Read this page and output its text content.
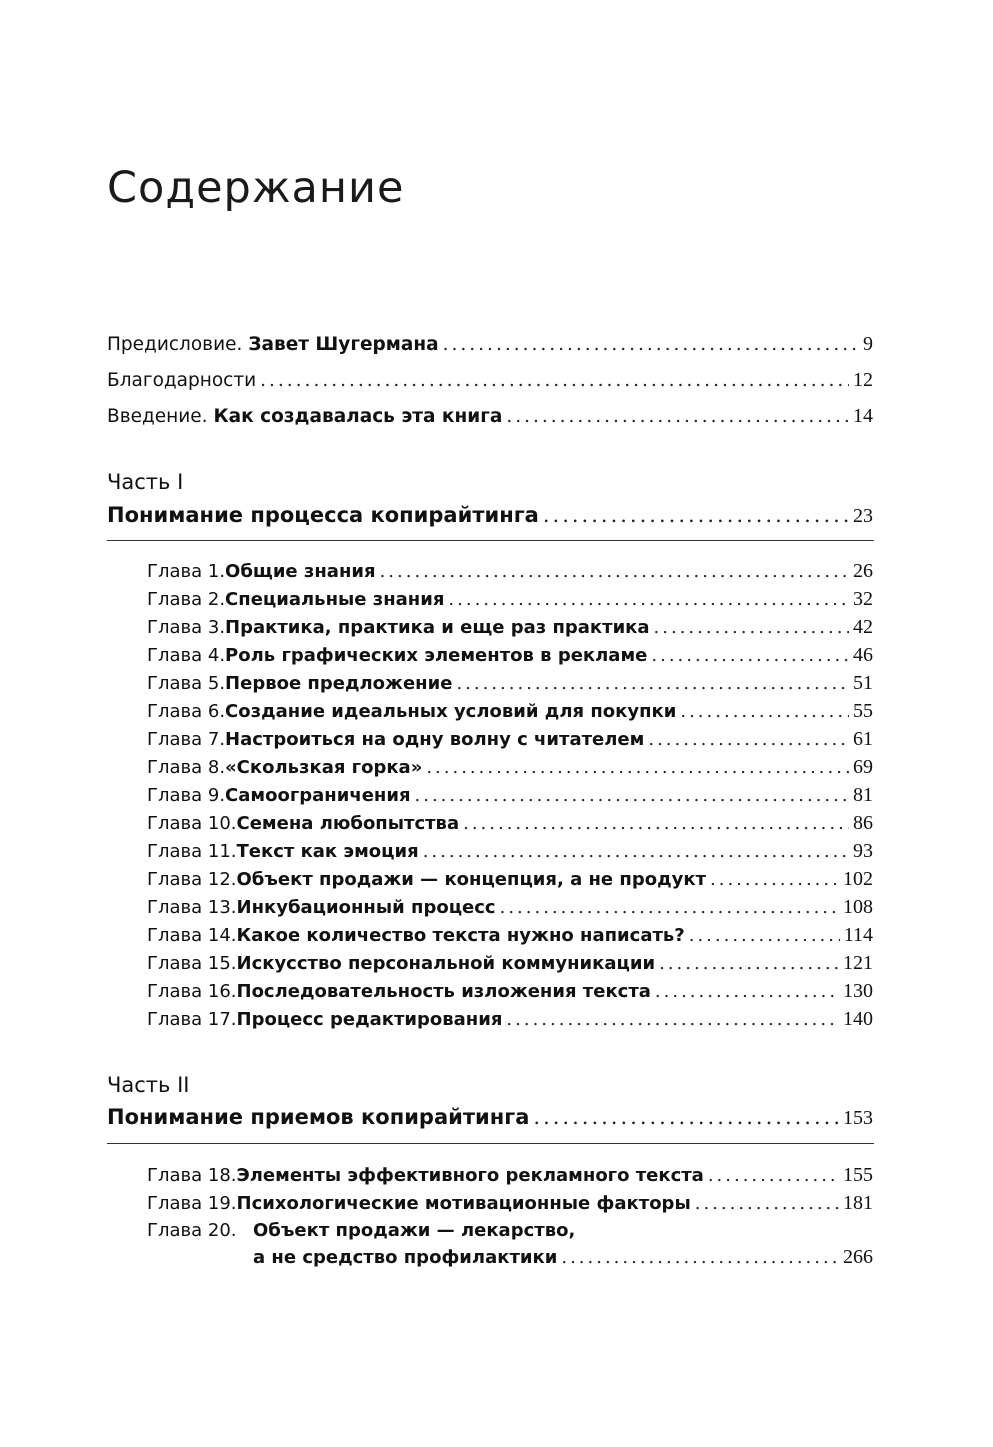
Содержание
Предисловие. Завет Шугермана .....	9
Благодарности .....	12
Введение. Как создавалась эта книга .....	14
Часть I
Понимание процесса копирайтинга .....	23
Глава 1. Общие знания .....	26
Глава 2. Специальные знания .....	32
Глава 3. Практика, практика и еще раз практика .....	42
Глава 4. Роль графических элементов в рекламе .....	46
Глава 5. Первое предложение .....	51
Глава 6. Создание идеальных условий для покупки .....	55
Глава 7. Настроиться на одну волну с читателем .....	61
Глава 8. «Скользкая горка» .....	69
Глава 9. Самоограничения .....	81
Глава 10. Семена любопытства .....	86
Глава 11. Текст как эмоция .....	93
Глава 12. Объект продажи — концепция, а не продукт .....	102
Глава 13. Инкубационный процесс .....	108
Глава 14. Какое количество текста нужно написать? .....	114
Глава 15. Искусство персональной коммуникации .....	121
Глава 16. Последовательность изложения текста .....	130
Глава 17. Процесс редактирования .....	140
Часть II
Понимание приемов копирайтинга .....	153
Глава 18. Элементы эффективного рекламного текста .....	155
Глава 19. Психологические мотивационные факторы .....	181
Глава 20. Объект продажи — лекарство,
а не средство профилактики .....	266
